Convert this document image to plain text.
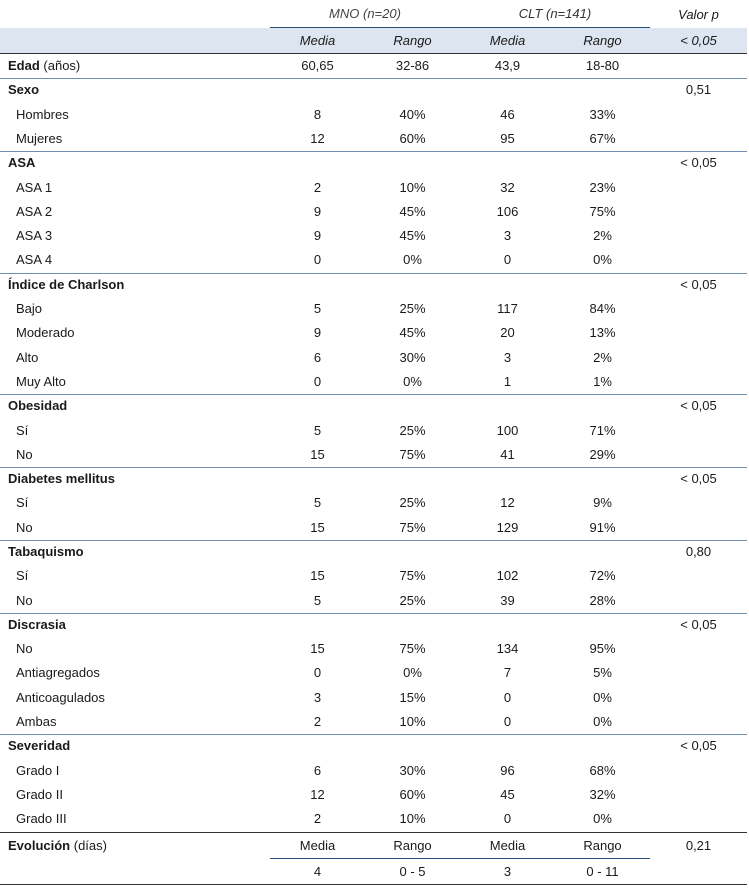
MNO (n=20)	CLT (n=141)	Valor p
Media	Rango	Media	Rango	< 0,05
Edad (años)	60,65	32-86	43,9	18-80
Sexo	0,51
Hombres	8	40%	46	33%
Mujeres	12	60%	95	67%
ASA	< 0,05
ASA 1	2	10%	32	23%
ASA 2	9	45%	106	75%
ASA 3	9	45%	3	2%
ASA 4	0	0%	0	0%
Índice de Charlson	< 0,05
Bajo	5	25%	117	84%
Moderado	9	45%	20	13%
Alto	6	30%	3	2%
Muy Alto	0	0%	1	1%
Obesidad	< 0,05
Sí	5	25%	100	71%
No	15	75%	41	29%
Diabetes mellitus	< 0,05
Sí	5	25%	12	9%
No	15	75%	129	91%
Tabaquismo	0,80
Sí	15	75%	102	72%
No	5	25%	39	28%
Discrasia	< 0,05
No	15	75%	134	95%
Antiagregados	0	0%	7	5%
Anticoagulados	3	15%	0	0%
Ambas	2	10%	0	0%
Severidad	< 0,05
Grado I	6	30%	96	68%
Grado II	12	60%	45	32%
Grado III	2	10%	0	0%
Evolución (días)	0,21
Media	Rango	Media	Rango
4	0 - 5	3	0 - 11
